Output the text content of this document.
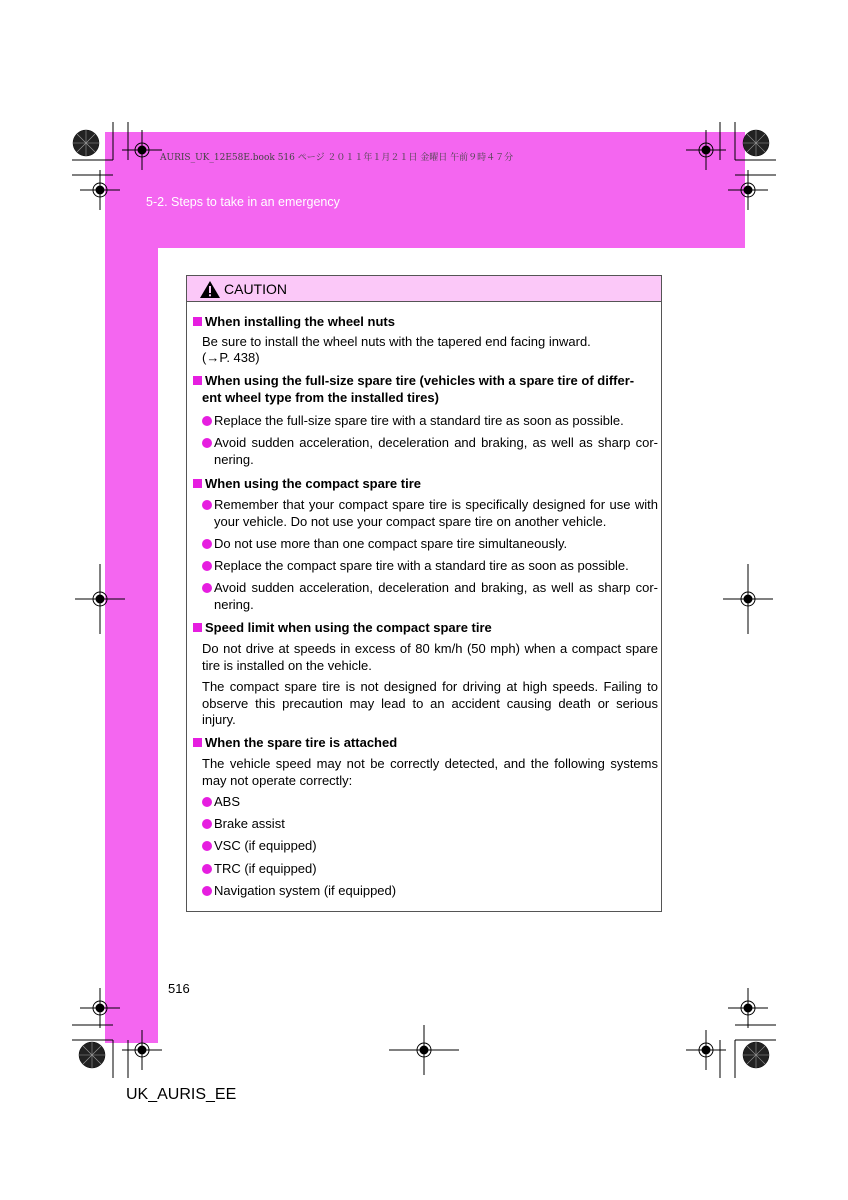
AURIS_UK_12E58E.book 516 ページ ２０１１年１月２１日 金曜日 午前９時４７分
5-2. Steps to take in an emergency
CAUTION
When installing the wheel nuts
Be sure to install the wheel nuts with the tapered end facing inward.
(→P. 438)
When using the full-size spare tire (vehicles with a spare tire of differ-
ent wheel type from the installed tires)
Replace the full-size spare tire with a standard tire as soon as possible.
Avoid sudden acceleration, deceleration and braking, as well as sharp cor-nering.
When using the compact spare tire
Remember that your compact spare tire is specifically designed for use with your vehicle. Do not use your compact spare tire on another vehicle.
Do not use more than one compact spare tire simultaneously.
Replace the compact spare tire with a standard tire as soon as possible.
Avoid sudden acceleration, deceleration and braking, as well as sharp cor-nering.
Speed limit when using the compact spare tire
Do not drive at speeds in excess of 80 km/h (50 mph) when a compact spare tire is installed on the vehicle.
The compact spare tire is not designed for driving at high speeds. Failing to observe this precaution may lead to an accident causing death or serious injury.
When the spare tire is attached
The vehicle speed may not be correctly detected, and the following systems may not operate correctly:
ABS
Brake assist
VSC (if equipped)
TRC (if equipped)
Navigation system (if equipped)
516
UK_AURIS_EE
